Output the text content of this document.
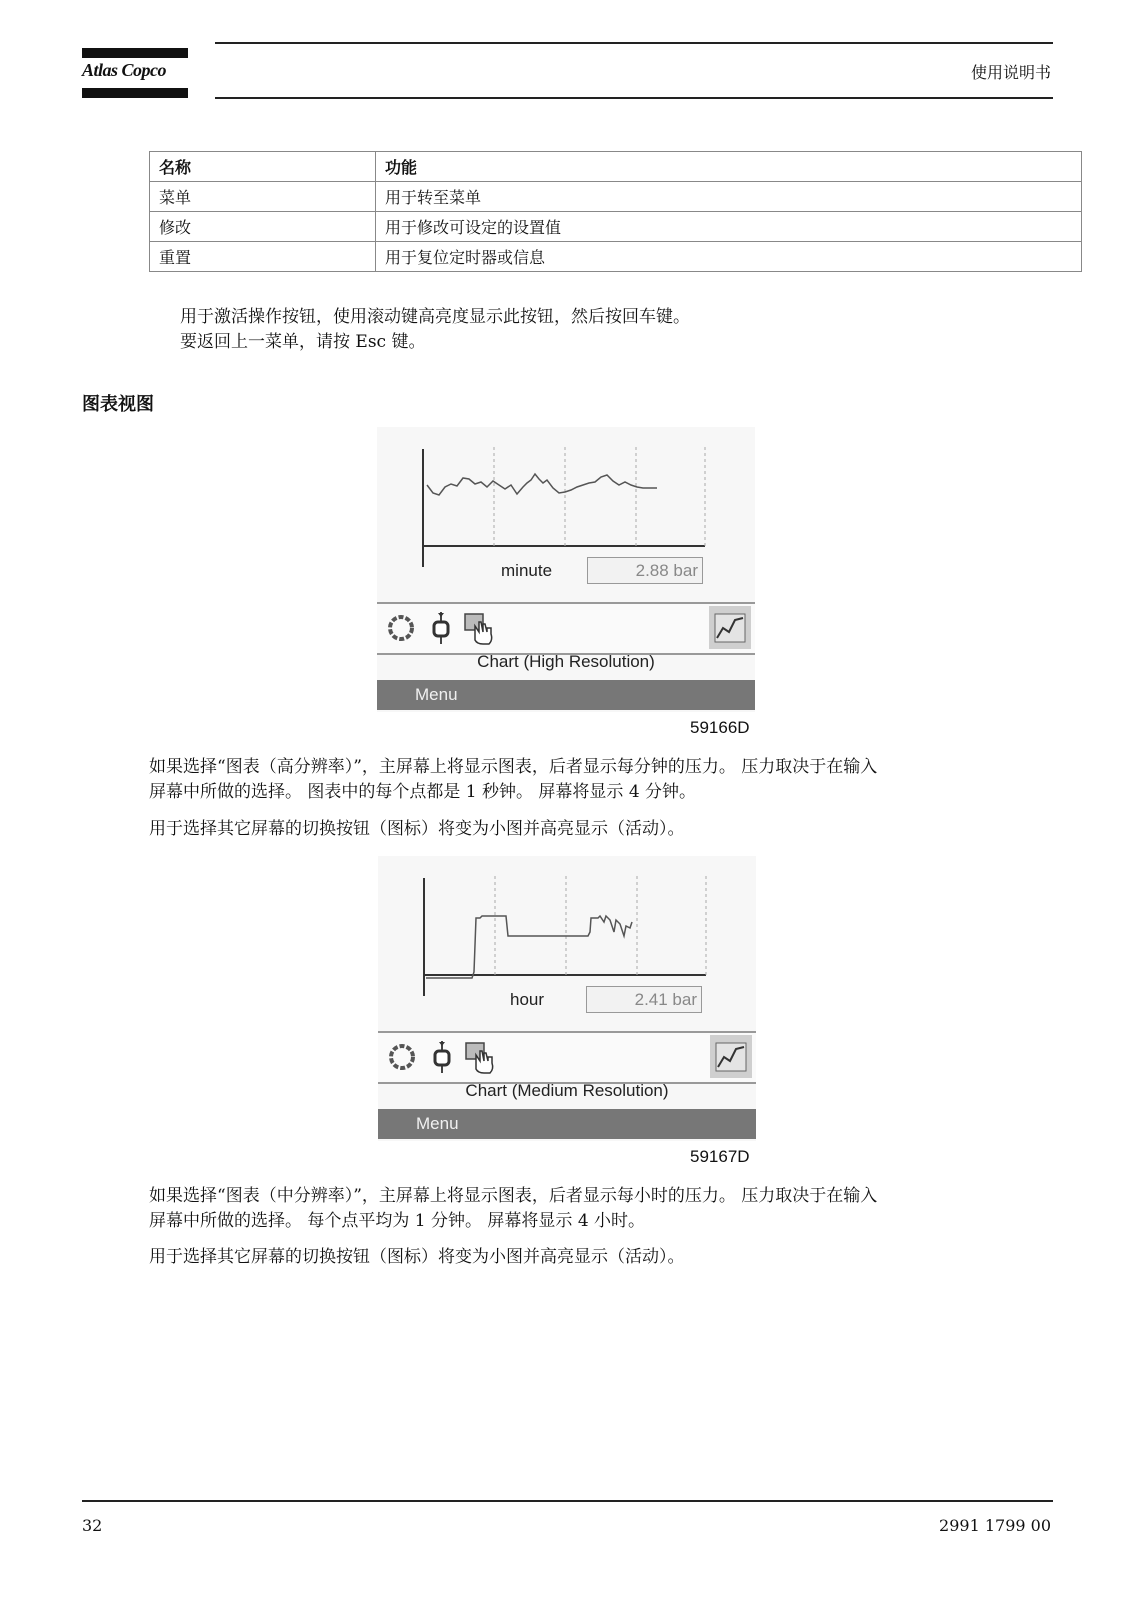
Atlas Copco	使用说明书
名称	功能
菜单	用于转至菜单
修改	用于修改可设定的设置值
重置	用于复位定时器或信息
用于激活操作按钮，使用滚动键高亮度显示此按钮，然后按回车键。
要返回上一菜单，请按 Esc 键。
图表视图
minute	2.88 bar
Chart (High Resolution)
Menu
59166D
如果选择“图表（高分辨率）”，主屏幕上将显示图表，后者显示每分钟的压力。 压力取决于在输入
屏幕中所做的选择。 图表中的每个点都是 1 秒钟。 屏幕将显示 4 分钟。
用于选择其它屏幕的切换按钮（图标）将变为小图并高亮显示（活动）。
hour	2.41 bar
Chart (Medium Resolution)
Menu
59167D
如果选择“图表（中分辨率）”，主屏幕上将显示图表，后者显示每小时的压力。 压力取决于在输入
屏幕中所做的选择。 每个点平均为 1 分钟。 屏幕将显示 4 小时。
用于选择其它屏幕的切换按钮（图标）将变为小图并高亮显示（活动）。
32	2991 1799 00
